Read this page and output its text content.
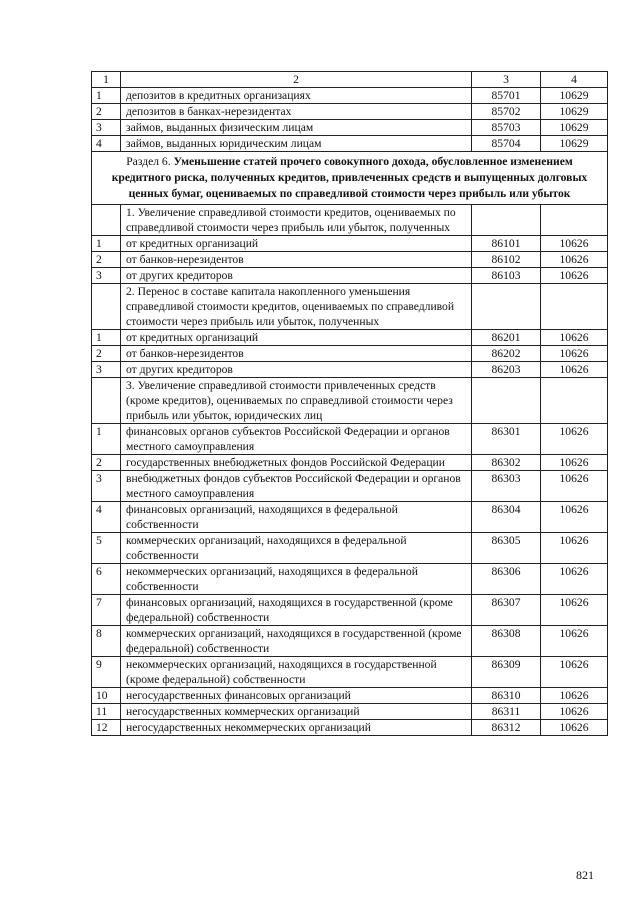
1	2	3	4
1	депозитов в кредитных организациях	85701	10629
2	депозитов в банках-нерезидентах	85702	10629
3	займов, выданных физическим лицам	85703	10629
4	займов, выданных юридическим лицам	85704	10629
Раздел 6. Уменьшение статей прочего совокупного дохода, обусловленное изменением кредитного риска, полученных кредитов, привлеченных средств и выпущенных долговых ценных бумаг, оцениваемых по справедливой стоимости через прибыль или убыток			
	1. Увеличение справедливой стоимости кредитов, оцениваемых по справедливой стоимости через прибыль или убыток, полученных		
1	от кредитных организаций	86101	10626
2	от банков-нерезидентов	86102	10626
3	от других кредиторов	86103	10626
	2. Перенос в составе капитала накопленного уменьшения справедливой стоимости кредитов, оцениваемых по справедливой стоимости через прибыль или убыток, полученных		
1	от кредитных организаций	86201	10626
2	от банков-нерезидентов	86202	10626
3	от других кредиторов	86203	10626
	3. Увеличение справедливой стоимости привлеченных средств (кроме кредитов), оцениваемых по справедливой стоимости через прибыль или убыток, юридических лиц		
1	финансовых органов субъектов Российской Федерации и органов местного самоуправления	86301	10626
2	государственных внебюджетных фондов Российской Федерации	86302	10626
3	внебюджетных фондов субъектов Российской Федерации и органов местного самоуправления	86303	10626
4	финансовых организаций, находящихся в федеральной собственности	86304	10626
5	коммерческих организаций, находящихся в федеральной собственности	86305	10626
6	некоммерческих организаций, находящихся в федеральной собственности	86306	10626
7	финансовых организаций, находящихся в государственной (кроме федеральной) собственности	86307	10626
8	коммерческих организаций, находящихся в государственной (кроме федеральной) собственности	86308	10626
9	некоммерческих организаций, находящихся в государственной (кроме федеральной) собственности	86309	10626
10	негосударственных финансовых организаций	86310	10626
11	негосударственных коммерческих организаций	86311	10626
12	негосударственных некоммерческих организаций	86312	10626
821
